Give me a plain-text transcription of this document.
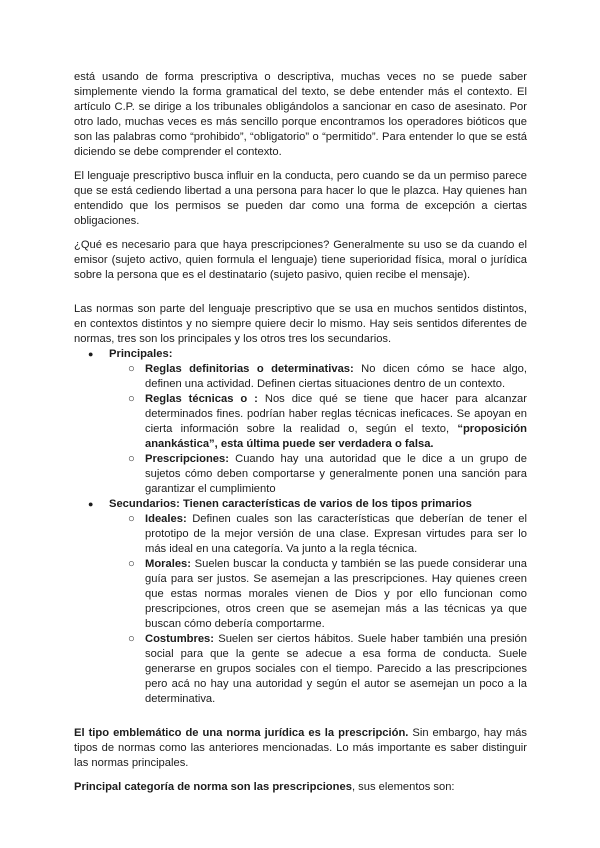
está usando de forma prescriptiva o descriptiva, muchas veces no se puede saber simplemente viendo la forma gramatical del texto, se debe entender más el contexto. El artículo C.P. se dirige a los tribunales obligándolos a sancionar en caso de asesinato. Por otro lado, muchas veces es más sencillo porque encontramos los operadores bióticos que son las palabras como “prohibido”, “obligatorio” o “permitido”. Para entender lo que se está diciendo se debe comprender el contexto.

El lenguaje prescriptivo busca influir en la conducta, pero cuando se da un permiso parece que se está cediendo libertad a una persona para hacer lo que le plazca. Hay quienes han entendido que los permisos se pueden dar como una forma de excepción a ciertas obligaciones.

¿Qué es necesario para que haya prescripciones? Generalmente su uso se da cuando el emisor (sujeto activo, quien formula el lenguaje) tiene superioridad física, moral o jurídica sobre la persona que es el destinatario (sujeto pasivo, quien recibe el mensaje).

Las normas son parte del lenguaje prescriptivo que se usa en muchos sentidos distintos, en contextos distintos y no siempre quiere decir lo mismo. Hay seis sentidos diferentes de normas, tres son los principales y los otros tres los secundarios.

● Principales:
○ Reglas definitorias o determinativas: No dicen cómo se hace algo, definen una actividad. Definen ciertas situaciones dentro de un contexto.
○ Reglas técnicas o : Nos dice qué se tiene que hacer para alcanzar determinados fines. podrían haber reglas técnicas ineficaces. Se apoyan en cierta información sobre la realidad o, según el texto, “proposición anankástica”, esta última puede ser verdadera o falsa.
○ Prescripciones: Cuando hay una autoridad que le dice a un grupo de sujetos cómo deben comportarse y generalmente ponen una sanción para garantizar el cumplimiento
● Secundarios: Tienen características de varios de los tipos primarios
○ Ideales: Definen cuales son las características que deberían de tener el prototipo de la mejor versión de una clase. Expresan virtudes para ser lo más ideal en una categoría. Va junto a la regla técnica.
○ Morales: Suelen buscar la conducta y también se las puede considerar una guía para ser justos. Se asemejan a las prescripciones. Hay quienes creen que estas normas morales vienen de Dios y por ello funcionan como prescripciones, otros creen que se asemejan más a las técnicas ya que buscan cómo debería comportarme.
○ Costumbres: Suelen ser ciertos hábitos. Suele haber también una presión social para que la gente se adecue a esa forma de conducta. Suele generarse en grupos sociales con el tiempo. Parecido a las prescripciones pero acá no hay una autoridad y según el autor se asemejan un poco a la determinativa.

El tipo emblemático de una norma jurídica es la prescripción. Sin embargo, hay más tipos de normas como las anteriores mencionadas. Lo más importante es saber distinguir las normas principales.

Principal categoría de norma son las prescripciones, sus elementos son:
